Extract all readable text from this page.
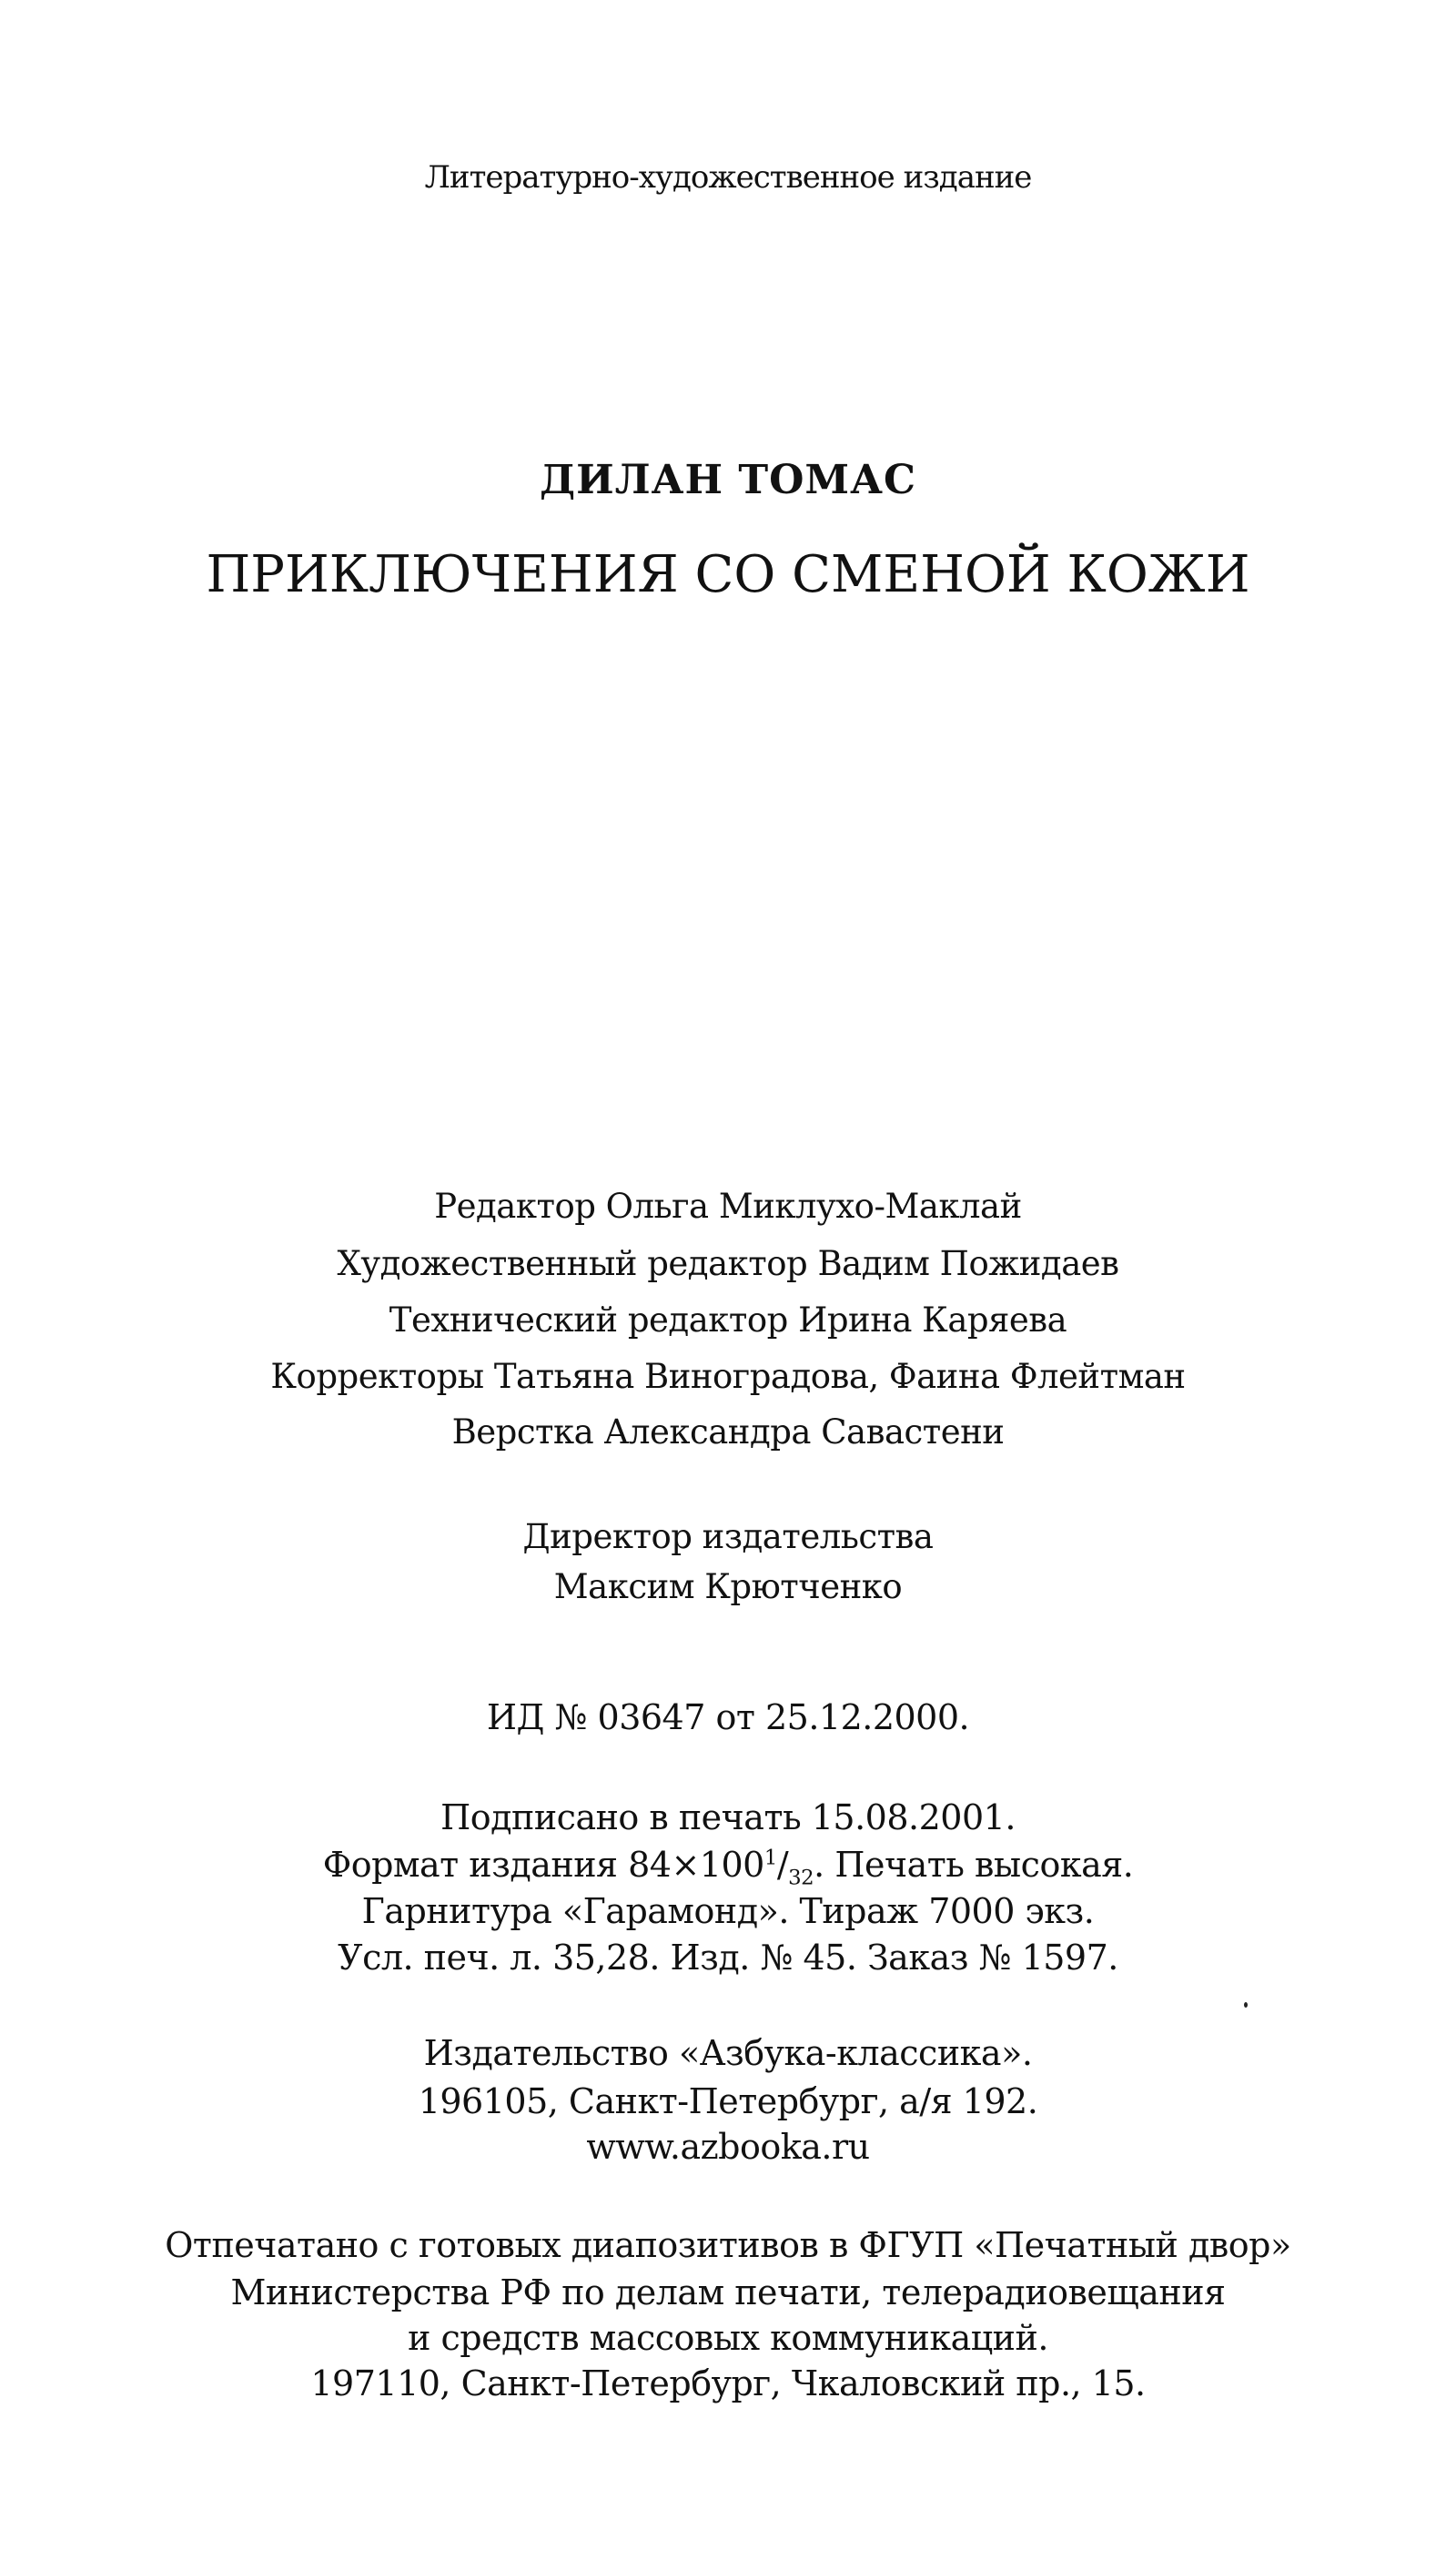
Литературно-художественное издание
ДИЛАН ТОМАС
ПРИКЛЮЧЕНИЯ СО СМЕНОЙ КОЖИ
Редактор Ольга Миклухо-Маклай
Художественный редактор Вадим Пожидаев
Технический редактор Ирина Каряева
Корректоры Татьяна Виноградова, Фаина Флейтман
Верстка Александра Савастени
Директор издательства
Максим Крютченко
ИД № 03647 от 25.12.2000.
Подписано в печать 15.08.2001.
Формат издания $84\times 100^1/_{32}$. Печать высокая.
Гарнитура «Гарамонд». Тираж 7000 экз.
Усл. печ. л. 35,28. Изд. № 45. Заказ № 1597.
Издательство «Азбука-классика».
196105, Санкт-Петербург, а/я 192.
www.azbooka.ru
Отпечатано с готовых диапозитивов в ФГУП «Печатный двор»
Министерства РФ по делам печати, телерадиовещания
и средств массовых коммуникаций.
197110, Санкт-Петербург, Чкаловский пр., 15.
